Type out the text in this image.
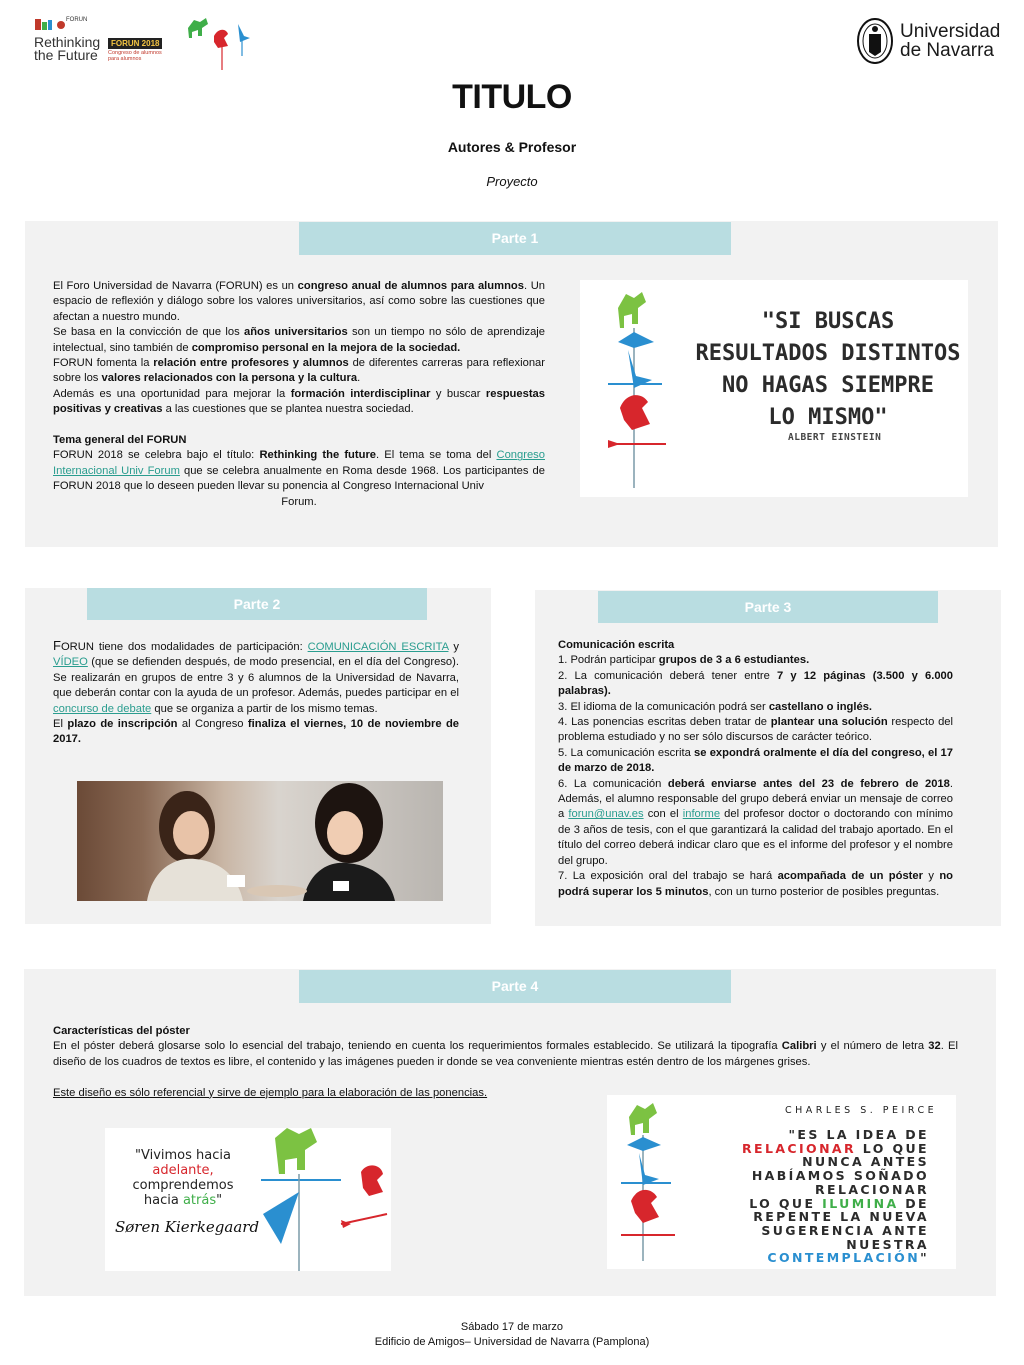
FORUN
Rethinking
the Future
FORUN 2018
Congreso de alumnos
para alumnos
Universidad
de Navarra
TITULO
Autores & Profesor
Proyecto
Parte 1
El Foro Universidad de Navarra (FORUN) es un congreso anual de alumnos para alumnos. Un espacio de reflexión y diálogo sobre los valores universitarios, así como sobre las cuestiones que afectan a nuestro mundo.
Se basa en la convicción de que los años universitarios son un tiempo no sólo de aprendizaje intelectual, sino también de compromiso personal en la mejora de la sociedad.
FORUN fomenta la relación entre profesores y alumnos de diferentes carreras para reflexionar sobre los valores relacionados con la persona y la cultura.
Además es una oportunidad para mejorar la formación interdisciplinar y buscar respuestas positivas y creativas a las cuestiones que se plantea nuestra sociedad.

Tema general del FORUN
FORUN 2018 se celebra bajo el título: Rethinking the future. El tema se toma del Congreso Internacional Univ Forum que se celebra anualmente en Roma desde 1968. Los participantes de FORUN 2018 que lo deseen pueden llevar su ponencia al Congreso Internacional Univ
Forum.
"SI BUSCAS
RESULTADOS DISTINTOS
NO HAGAS SIEMPRE
LO MISMO"
ALBERT EINSTEIN
Parte 2
FORUN tiene dos modalidades de participación: COMUNICACIÓN ESCRITA y VÍDEO (que se defienden después, de modo presencial, en el día del Congreso). Se realizarán en grupos de entre 3 y 6 alumnos de la Universidad de Navarra, que deberán contar con la ayuda de un profesor. Además, puedes participar en el concurso de debate que se organiza a partir de los mismo temas.
El plazo de inscripción al Congreso finaliza el viernes, 10 de noviembre de 2017.
Parte 3
Comunicación escrita
1. Podrán participar grupos de 3 a 6 estudiantes.
2. La comunicación deberá tener entre 7 y 12 páginas (3.500 y 6.000 palabras).
3. El idioma de la comunicación podrá ser castellano o inglés.
4. Las ponencias escritas deben tratar de plantear una solución respecto del problema estudiado y no ser sólo discursos de carácter teórico.
5. La comunicación escrita se expondrá oralmente el día del congreso, el 17 de marzo de 2018.
6. La comunicación deberá enviarse antes del 23 de febrero de 2018. Además, el alumno responsable del grupo deberá enviar un mensaje de correo a forun@unav.es con el informe del profesor doctor o doctorando con mínimo de 3 años de tesis, con el que garantizará la calidad del trabajo aportado. En el título del correo deberá indicar claro que es el informe del profesor y el nombre del grupo.
7. La exposición oral del trabajo se hará acompañada de un póster y no podrá superar los 5 minutos, con un turno posterior de posibles preguntas.
Parte 4
Características del póster
En el póster deberá glosarse solo lo esencial del trabajo, teniendo en cuenta los requerimientos formales establecido. Se utilizará la tipografía Calibri y el número de letra 32. El diseño de los cuadros de textos es libre, el contenido y las imágenes pueden ir donde se vea conveniente mientras estén dentro de los márgenes grises.

Este diseño es sólo referencial y sirve de ejemplo para la elaboración de las ponencias.
"Vivimos hacia
adelante,
comprendemos
hacia atrás"
Søren Kierkegaard
CHARLES S. PEIRCE
"ES LA IDEA DE
RELACIONAR LO QUE
NUNCA ANTES
HABÍAMOS SOÑADO
RELACIONAR
LO QUE ILUMINA DE
REPENTE LA NUEVA
SUGERENCIA ANTE
NUESTRA
CONTEMPLACIÓN"
Sábado 17 de marzo
Edificio de Amigos– Universidad de Navarra (Pamplona)
